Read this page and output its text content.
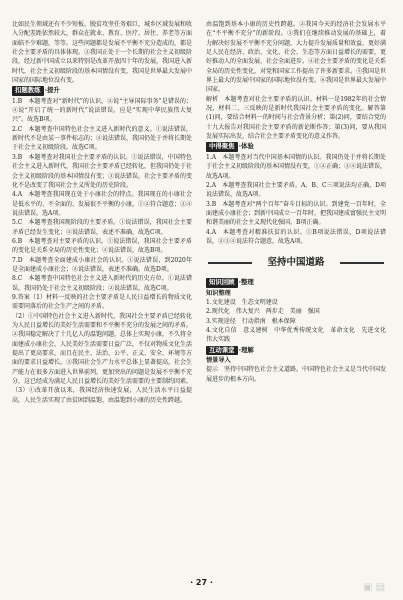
比如民生领域还有不少短板，脱贫攻坚任务艰巨，城乡区域发展和收入分配差距依然较大，群众在就业、教育、医疗、居住、养老等方面面临不少难题，等等。这些问题都是发展不平衡不充分造成的，都是社会主要矛盾的具体体现。③我国正处于一个长期的社会主义初级阶段，经过新中国成立以来特别是改革开放四十年的发展，我国进入新时代，社会主义初级阶段的基本国情没有变，我国是世界最大发展中国家的国际地位没有变。

扣题教练 ·提升

1.B　本题考查对“新时代”的认识。②说“主导国际事务”是错误的；④说“开启了统一的新时代”说法错误，应是“实现中华民族伟大复兴”。故选B项。

2.C　本题考查中国特色社会主义进入新时代的意义。①说法错误，新时代不是由某一事件标志的；④说法错误，我国仍处于并将长期处于社会主义初级阶段。故选C项。

3.B　本题考查对我国社会主要矛盾的认识。①说法错误，中国特色社会主义进入新时代，我国社会主要矛盾已经转化，但我国仍处于社会主义初级阶段的基本国情没有变；③说法错误，社会主要矛盾的变化不是改变了我国社会主义所处的历史阶段。

4.A　本题考查我国现在处于小康社会的特点。我国现在的小康社会是低水平的、不全面的、发展很不平衡的小康，①②符合题意；③④说法错误，选A项。

5.C　本题考查我国现阶段的主要矛盾。①说法错误，我国社会主要矛盾已经发生变化；④说法错误，表述不准确，故选C项。

6.B　本题考查对主要矛盾的认识。①说法错误，我国社会主要矛盾的变化是关系全局的历史性变化；④说法错误，故选B项。

7.D　本题考查全面建成小康社会的认识。①说法错误，到2020年是全面建成小康社会；②说法错误，表述不准确。故选D项。

8.C　本题考查中国特色社会主义进入新时代的历史方位。①说法错误，我国仍处于社会主义初级阶段；②说法错误，故选C项。

9.答案（1）材料一反映的社会主要矛盾是人民日益增长的物质文化需要同落后的社会生产之间的矛盾。

（2）①中国特色社会主义进入新时代，我国社会主要矛盾已经转化为人民日益增长的美好生活需要和不平衡不充分的发展之间的矛盾。②我国稳定解决了十几亿人的温饱问题，总体上实现小康，不久将全面建成小康社会，人民美好生活需要日益广泛，不仅对物质文化生活提出了更高要求，而且在民主、法治、公平、正义、安全、环境等方面的要求日益增长。③我国社会生产力水平总体上显著提高，社会生产能力在很多方面进入世界前列，更加突出的问题是发展不平衡不充分，这已经成为满足人民日益增长的美好生活需要的主要制约因素。

（3）①改革开放以来，我国经济快速发展，人民生活水平日益提高，人民生活实现了由贫困到温饱、由温饱到小康的历史性跨越。

由温饱到基本小康的历史性跨越。②我国今天的经济社会发展水平在“不平衡不充分”的新阶段。③我们在继续推动发展的基础上，着力解决好发展不平衡不充分问题，大力提升发展质量和效益，更好满足人民在经济、政治、文化、社会、生态等方面日益增长的需要，更好推动人的全面发展、社会全面进步。④社会主要矛盾的变化是关系全局的历史性变化，对党和国家工作提出了许多新要求。⑤我国是世界上最大的发展中国家的国际地位没有变。⑥我国是世界最大发展中国家。

解析　本题考查对社会主要矛盾的认识。材料一是1982年的社会情况，材料二、三反映的是新时代我国社会主要矛盾的变化。解答第(1)问，要结合材料一的时间与社会背景分析；第(2)问，要结合党的十九大报告对我国社会主要矛盾的新论断作答；第(3)问，要从我国发展实际出发，结合社会主要矛盾变化的意义作答。

中得聚焦 ·体验

1.A　本题考查对当代中国基本国情的认识。我国仍处于并将长期处于社会主义初级阶段的基本国情没有变，①②正确；③④说法错误，故选A项。

2.A　本题考查我国社会主要矛盾。A、B、C三项说法均正确，D项说法错误，故选A项。

3.B　本题考查对“两个百年”奋斗目标的认识。到建党一百年时，全面建成小康社会；到新中国成立一百年时，把我国建成富强民主文明和谐美丽的社会主义现代化强国。B项正确。

4.A　本题考查对精准扶贫的认识。①B项说法错误，D项说法错误，②③④说法符合题意，故选A项。

坚持中国道路
知识回顾 ·整理

知识整理

1.文化建设　生态文明建设

2.现代化　伟大复兴　两步走　美丽　强国

3.实现途径　行动指南　根本保障

4.文化自信　意义建树　中华优秀传统文化　革命文化　先进文化　伟大实践

互动课堂 ·理解

情景导入

提示　坚持中国特色社会主义道路，中国特色社会主义是当代中国发展进步的根本方向。

· 27 ·	▣ ▤
